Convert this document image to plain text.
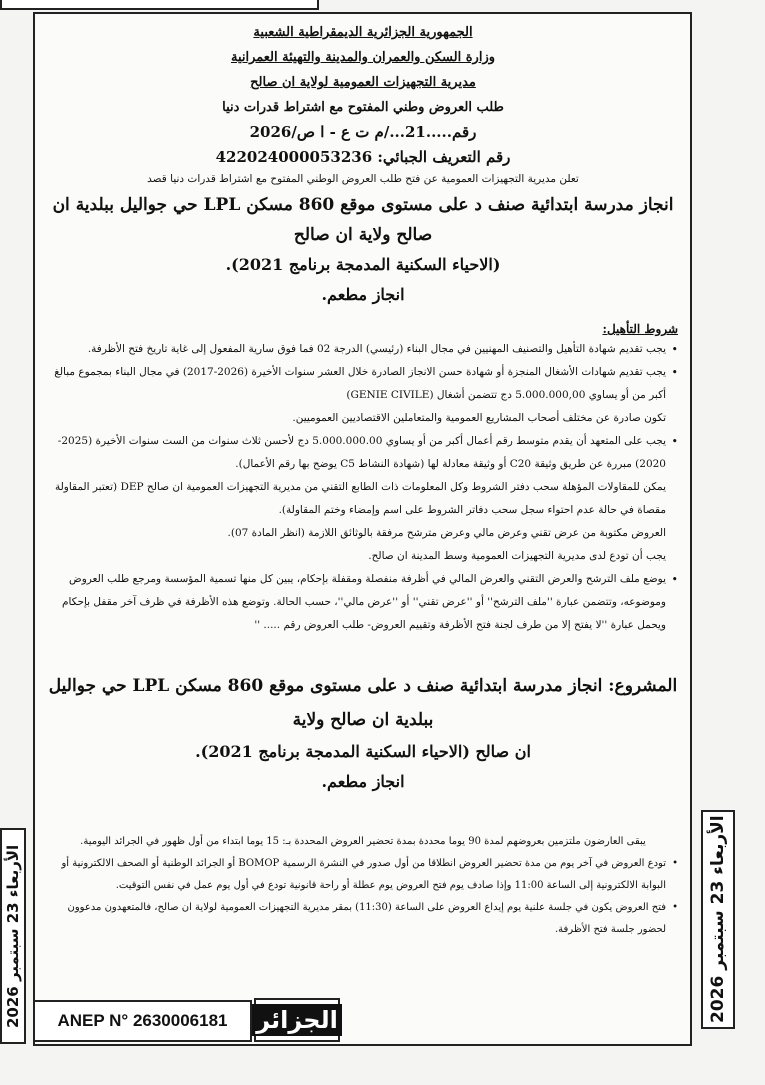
الجمهورية الجزائرية الديمقراطية الشعبية
وزارة السكن والعمران والمدينة والتهيئة العمرانية
مديرية التجهيزات العمومية لولاية ان صالح
طلب العروض وطني المفتوح مع اشتراط قدرات دنيا
رقم.....21.../م ت ع - ا ص/2026
رقم التعريف الجبائي: 422024000053236
تعلن مديرية التجهيزات العمومية عن فتح طلب العروض الوطني المفتوح مع اشتراط قدرات دنيا قصد
انجاز مدرسة ابتدائية صنف د على مستوى موقع 860 مسكن LPL حي جواليل ببلدية ان صالح ولاية ان صالح
(الاحياء السكنية المدمجة برنامج 2021).
انجاز مطعم.
شروط التأهيل:
• يجب تقديم شهادة التأهيل والتصنيف المهنيين في مجال البناء (رئيسي) الدرجة 02 فما فوق سارية المفعول إلى غاية تاريخ فتح الأظرفة.
• يجب تقديم شهادات الأشغال المنجزة أو شهادة حسن الانجاز الصادرة خلال العشر سنوات الأخيرة (2026-2017) في مجال البناء بمجموع مبالغ أكبر من أو يساوي 5.000.000,00 دج تتضمن أشغال (GENIE CIVILE)
تكون صادرة عن مختلف أصحاب المشاريع العمومية والمتعاملين الاقتصاديين العموميين.
• يجب على المتعهد أن يقدم متوسط رقم أعمال أكبر من أو يساوي 5.000.000.00 دج لأحسن ثلاث سنوات من الست سنوات الأخيرة (2025-2020) مبررة عن طريق وثيقة C20 أو وثيقة معادلة لها (شهادة النشاط C5 يوضح بها رقم الأعمال).
يمكن للمقاولات المؤهلة سحب دفتر الشروط وكل المعلومات ذات الطابع التقني من مديرية التجهيزات العمومية ان صالح DEP (تعتبر المقاولة مقصاة في حالة عدم احتواء سجل سحب دفاتر الشروط على اسم وإمضاء وختم المقاولة).
العروض مكتوبة من عرض تقني وعرض مالي وعرض مترشح مرفقة بالوثائق اللازمة (انظر المادة 07).
يجب أن تودع لدى مديرية التجهيزات العمومية وسط المدينة ان صالح.
• يوضع ملف الترشح والعرض التقني والعرض المالي في أظرفة منفصلة ومقفلة بإحكام، يبين كل منها تسمية المؤسسة ومرجع طلب العروض وموضوعه، وتتضمن عبارة ''ملف الترشح'' أو ''عرض تقني'' أو ''عرض مالي''، حسب الحالة. وتوضع هذه الأظرفة في ظرف آخر مقفل بإحكام ويحمل عبارة ''لا يفتح إلا من طرف لجنة فتح الأظرفة وتقييم العروض- طلب العروض رقم ..... ''
المشروع: انجاز مدرسة ابتدائية صنف د على مستوى موقع 860 مسكن LPL حي جواليل ببلدية ان صالح ولاية
ان صالح (الاحياء السكنية المدمجة برنامج 2021).
انجاز مطعم.
يبقى العارضون ملتزمين بعروضهم لمدة 90 يوما محددة بمدة تحضير العروض المحددة بـ: 15 يوما ابتداء من أول ظهور في الجرائد اليومية.
• تودع العروض في آخر يوم من مدة تحضير العروض انطلاقا من أول صدور في النشرة الرسمية BOMOP أو الجرائد الوطنية أو الصحف الالكترونية أو البوابة الالكترونية إلى الساعة 11:00 وإذا صادف يوم فتح العروض يوم عطلة أو راحة قانونية تودع في أول يوم عمل في نفس التوقيت.
• فتح العروض يكون في جلسة علنية يوم إيداع العروض على الساعة (11:30) بمقر مديرية التجهيزات العمومية لولاية ان صالح، فالمتعهدون مدعوون لحضور جلسة فتح الأظرفة.
الأربعاء 23 سبتمبر 2026
الأربعاء 23 سبتمبر 2026
ANEP N° 2630006181	الجزائر
